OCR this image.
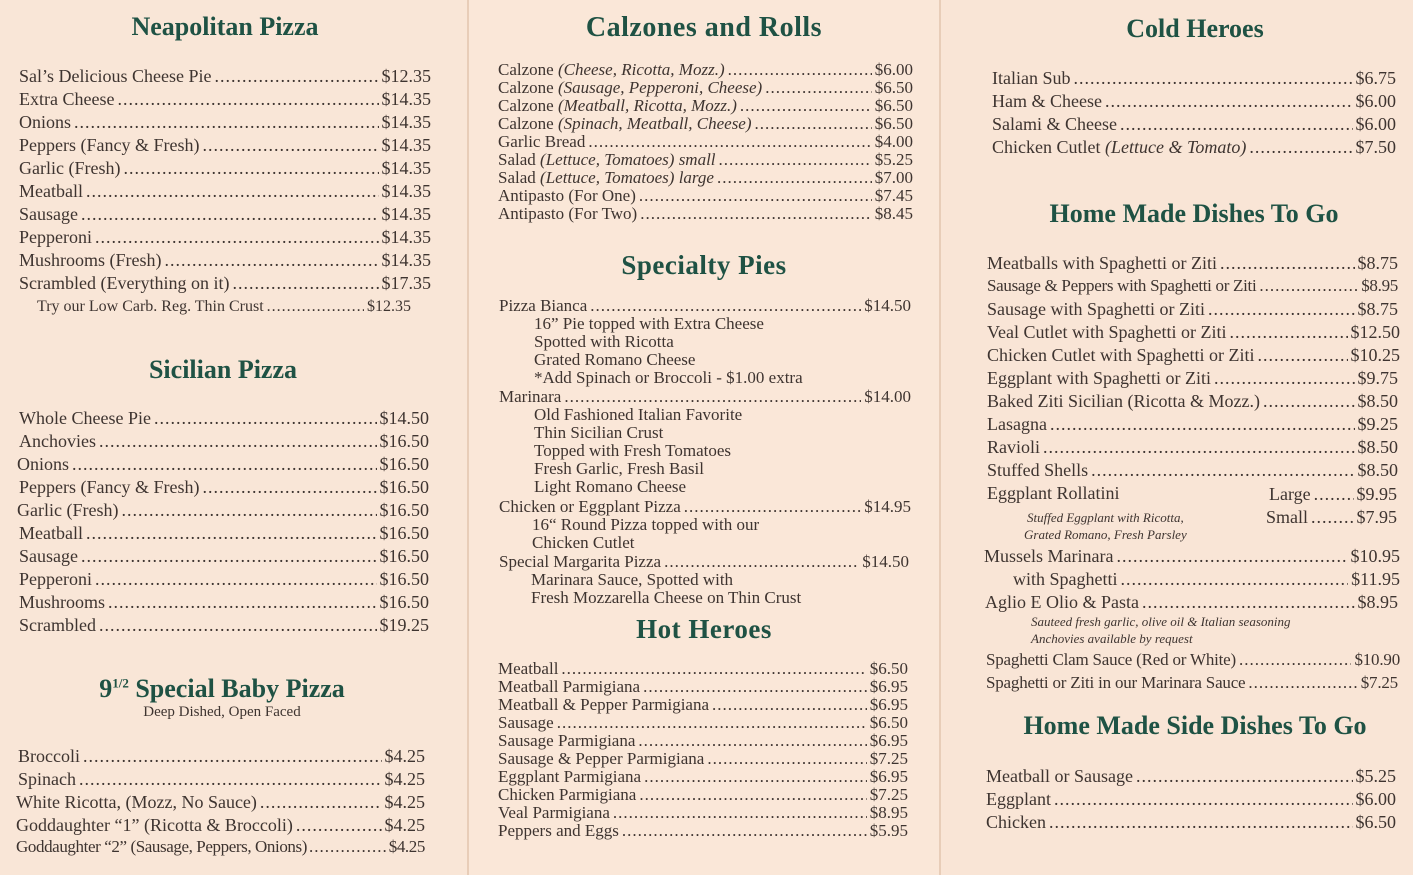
Neapolitan Pizza
Sal’s Delicious Cheese Pie .....	$12.35
Extra Cheese .....	$14.35
Onions .....	$14.35
Peppers (Fancy & Fresh) .....	$14.35
Garlic (Fresh) .....	$14.35
Meatball .....	$14.35
Sausage .....	$14.35
Pepperoni .....	$14.35
Mushrooms (Fresh) .....	$14.35
Scrambled (Everything on it) .....	$17.35
Try our Low Carb. Reg. Thin Crust .....	$12.35
Sicilian Pizza
Whole Cheese Pie .....	$14.50
Anchovies .....	$16.50
Onions .....	$16.50
Peppers (Fancy & Fresh) .....	$16.50
Garlic (Fresh) .....	$16.50
Meatball .....	$16.50
Sausage .....	$16.50
Pepperoni .....	$16.50
Mushrooms .....	$16.50
Scrambled .....	$19.25
$9^{1/2}$ Special Baby Pizza
Deep Dished, Open Faced
Broccoli .....	$4.25
Spinach .....	$4.25
White Ricotta, (Mozz, No Sauce) .....	$4.25
Goddaughter “1” (Ricotta & Broccoli) .....	$4.25
Goddaughter “2” (Sausage, Peppers, Onions) .....	$4.25
Calzones and Rolls
Calzone (Cheese, Ricotta, Mozz.) .....	$6.00
Calzone (Sausage, Pepperoni, Cheese) .....	$6.50
Calzone (Meatball, Ricotta, Mozz.) .....	$6.50
Calzone (Spinach, Meatball, Cheese) .....	$6.50
Garlic Bread .....	$4.00
Salad (Lettuce, Tomatoes) small .....	$5.25
Salad (Lettuce, Tomatoes) large .....	$7.00
Antipasto (For One) .....	$7.45
Antipasto (For Two) .....	$8.45
Specialty Pies
Pizza Bianca .....	$14.50
16” Pie topped with Extra Cheese
Spotted with Ricotta
Grated Romano Cheese
*Add Spinach or Broccoli - $1.00 extra
Marinara .....	$14.00
Old Fashioned Italian Favorite
Thin Sicilian Crust
Topped with Fresh Tomatoes
Fresh Garlic, Fresh Basil
Light Romano Cheese
Chicken or Eggplant Pizza .....	$14.95
16“ Round Pizza topped with our
Chicken Cutlet
Special Margarita Pizza .....	$14.50
Marinara Sauce, Spotted with
Fresh Mozzarella Cheese on Thin Crust
Hot Heroes
Meatball .....	$6.50
Meatball Parmigiana .....	$6.95
Meatball & Pepper Parmigiana .....	$6.95
Sausage .....	$6.50
Sausage Parmigiana .....	$6.95
Sausage & Pepper Parmigiana .....	$7.25
Eggplant Parmigiana .....	$6.95
Chicken Parmigiana .....	$7.25
Veal Parmigiana .....	$8.95
Peppers and Eggs .....	$5.95
Cold Heroes
Italian Sub .....	$6.75
Ham & Cheese .....	$6.00
Salami & Cheese .....	$6.00
Chicken Cutlet (Lettuce & Tomato) .....	$7.50
Home Made Dishes To Go
Meatballs with Spaghetti or Ziti .....	$8.75
Sausage & Peppers with Spaghetti or Ziti .....	$8.95
Sausage with Spaghetti or Ziti .....	$8.75
Veal Cutlet with Spaghetti or Ziti .....	$12.50
Chicken Cutlet with Spaghetti or Ziti .....	$10.25
Eggplant with Spaghetti or Ziti .....	$9.75
Baked Ziti Sicilian (Ricotta & Mozz.) .....	$8.50
Lasagna .....	$9.25
Ravioli .....	$8.50
Stuffed Shells .....	$8.50
Eggplant Rollatini	Large .....	$9.95
Small .....	$7.95
Stuffed Eggplant with Ricotta,
Grated Romano, Fresh Parsley
Mussels Marinara .....	$10.95
with Spaghetti .....	$11.95
Aglio E Olio & Pasta .....	$8.95
Sauteed fresh garlic, olive oil & Italian seasoning
Anchovies available by request
Spaghetti Clam Sauce (Red or White) .....	$10.90
Spaghetti or Ziti in our Marinara Sauce .....	$7.25
Home Made Side Dishes To Go
Meatball or Sausage .....	$5.25
Eggplant .....	$6.00
Chicken .....	$6.50
